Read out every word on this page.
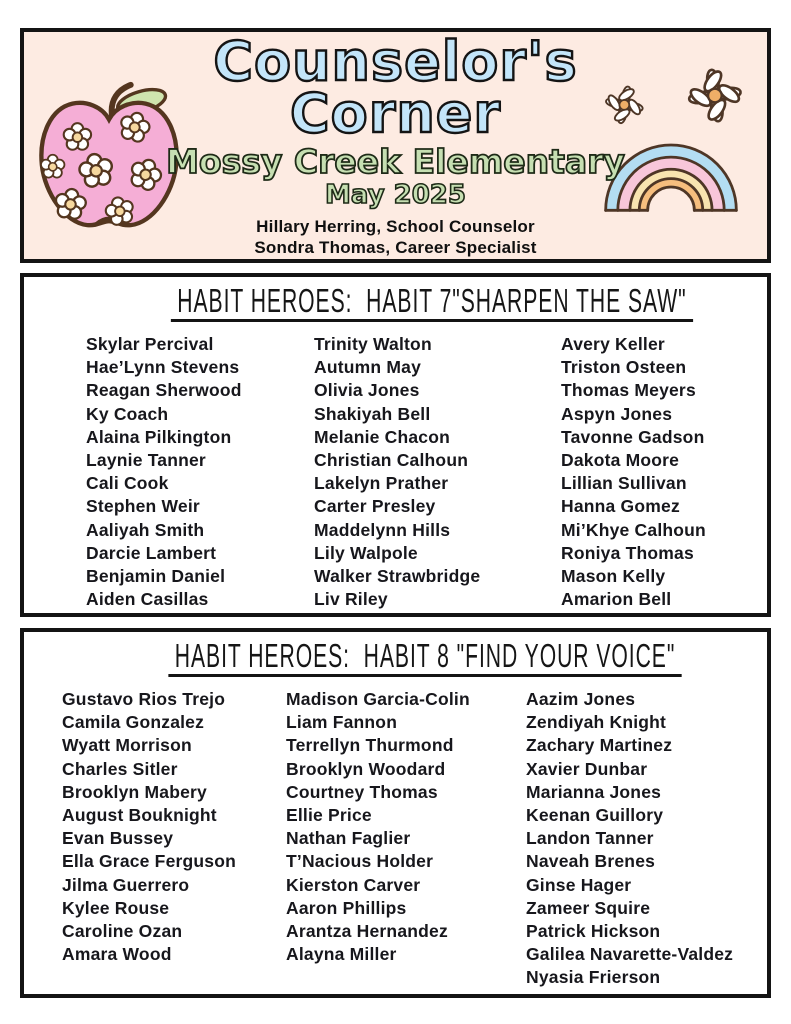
Counselor's
Corner
Mossy Creek Elementary
May 2025
Hillary Herring, School Counselor
Sondra Thomas, Career Specialist
HABIT HEROES:  HABIT 7"SHARPEN THE SAW"
Skylar Percival
Hae’Lynn Stevens
Reagan Sherwood
Ky Coach
Alaina Pilkington
Laynie Tanner
Cali Cook
Stephen Weir
Aaliyah Smith
Darcie Lambert
Benjamin Daniel
Aiden Casillas
Trinity Walton
Autumn May
Olivia Jones
Shakiyah Bell
Melanie Chacon
Christian Calhoun
Lakelyn Prather
Carter Presley
Maddelynn Hills
Lily Walpole
Walker Strawbridge
Liv Riley
Avery Keller
Triston Osteen
Thomas Meyers
Aspyn Jones
Tavonne Gadson
Dakota Moore
Lillian Sullivan
Hanna Gomez
Mi’Khye Calhoun
Roniya Thomas
Mason Kelly
Amarion Bell
HABIT HEROES:  HABIT 8 "FIND YOUR VOICE"
Gustavo Rios Trejo
Camila Gonzalez
Wyatt Morrison
Charles Sitler
Brooklyn Mabery
August Bouknight
Evan Bussey
Ella Grace Ferguson
Jilma Guerrero
Kylee Rouse
Caroline Ozan
Amara Wood
Madison Garcia-Colin
Liam Fannon
Terrellyn Thurmond
Brooklyn Woodard
Courtney Thomas
Ellie Price
Nathan Faglier
T’Nacious Holder
Kierston Carver
Aaron Phillips
Arantza Hernandez
Alayna Miller
Aazim Jones
Zendiyah Knight
Zachary Martinez
Xavier Dunbar
Marianna Jones
Keenan Guillory
Landon Tanner
Naveah Brenes
Ginse Hager
Zameer Squire
Patrick Hickson
Galilea Navarette-Valdez
Nyasia Frierson
